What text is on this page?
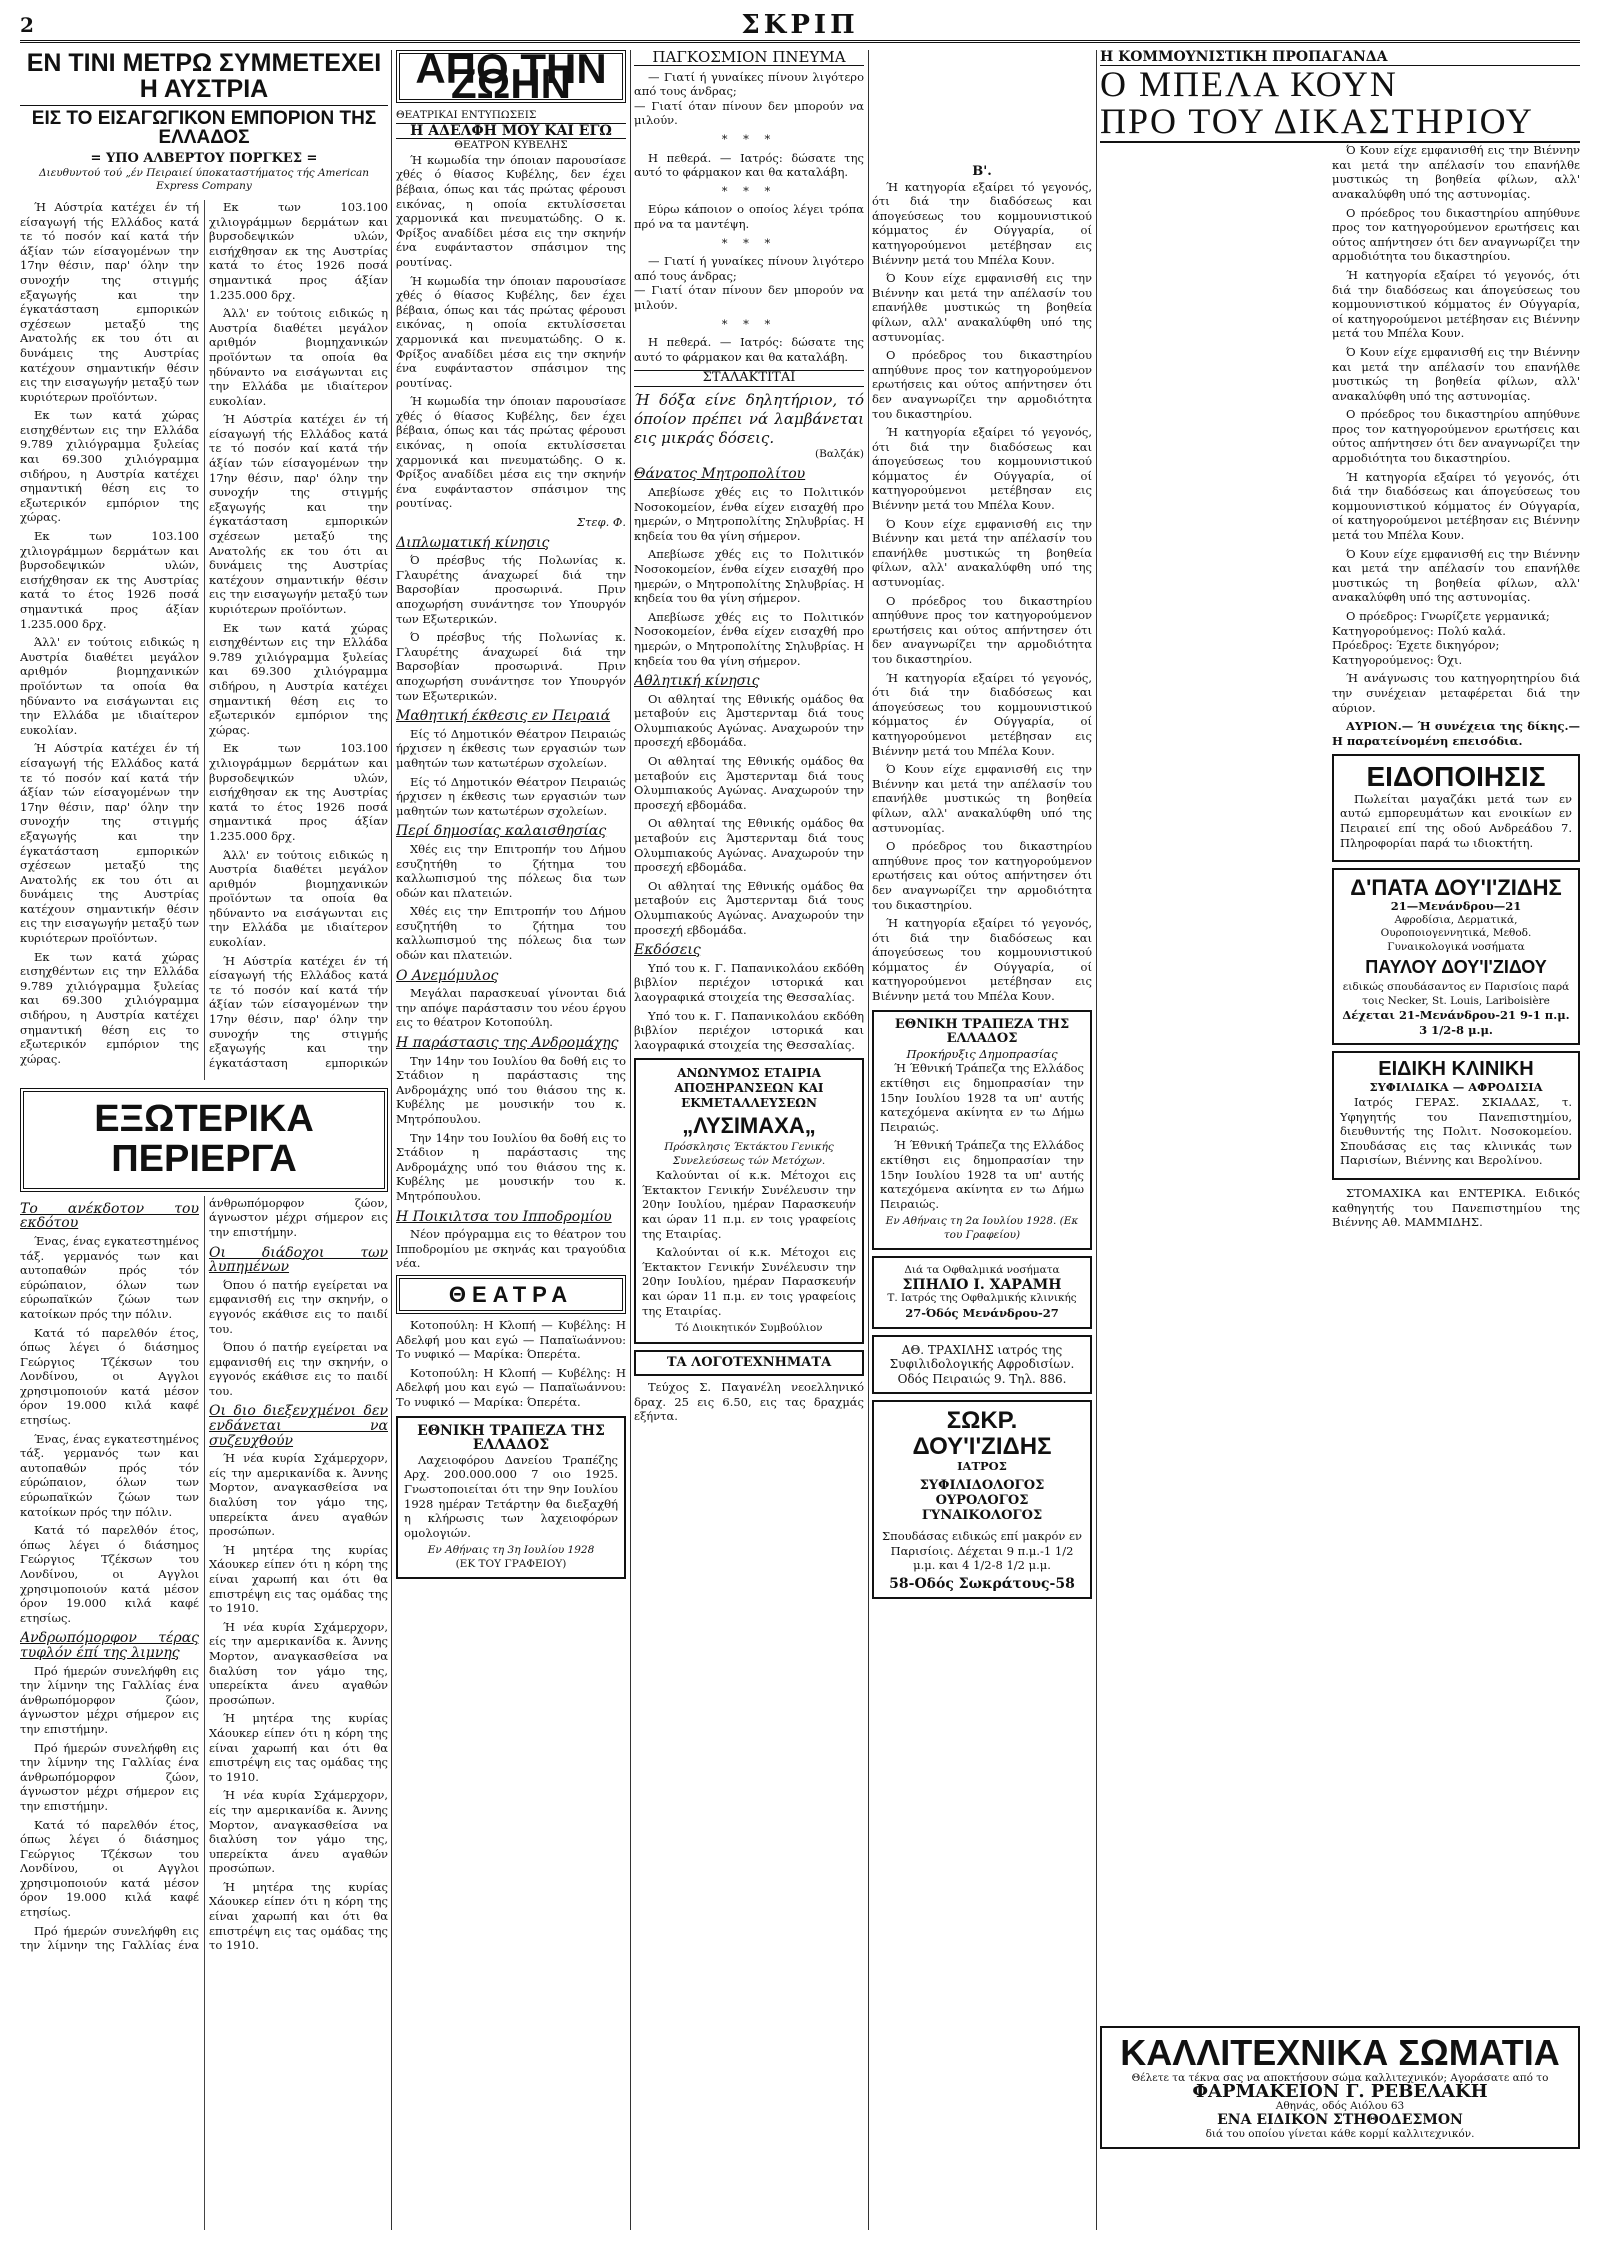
2	ΣΚΡΙΠ
ΕΝ ΤΙΝΙ ΜΕΤΡΩ ΣΥΜΜΕΤΕΧΕΙ Η ΑΥΣΤΡΙΑ
ΕΙΣ ΤΟ ΕΙΣΑΓΩΓΙΚΟΝ ΕΜΠΟΡΙΟΝ ΤΗΣ ΕΛΛΑΔΟΣ
= ΥΠΟ ΑΛΒΕΡΤΟΥ ΠΟΡΓΚΕΣ =
Διευθυντού τού „έν Πειραιεί ύποκαταστήματος τής American Express Company

Ή Αύστρία κατέχει έν τή είσαγωγή τής Ελλάδος κατά τε τό ποσόν καί κατά τήν άξίαν τών είσαγομένων την 17ην θέσιν, παρ' όλην την συνοχήν της στιγμής εξαγωγής και την έγκατάσταση εμπορικών σχέσεων μεταξύ της Ανατολής εκ του ότι αι δυνάμεις της Αυστρίας κατέχουν σημαντικήν θέσιν εις την εισαγωγήν μεταξύ των κυριότερων προϊόντων.

Εκ των κατά χώρας εισηχθέντων εις την Ελλάδα 9.789 χιλιόγραμμα ξυλείας και 69.300 χιλιόγραμμα σιδήρου, η Αυστρία κατέχει σημαντική θέση εις το εξωτερικόν εμπόριον της χώρας.

Εκ των 103.100 χιλιογράμμων δερμάτων και βυρσοδεψικών υλών, εισήχθησαν εκ της Αυστρίας κατά το έτος 1926 ποσά σημαντικά προς άξίαν 1.235.000 δρχ.

Άλλ' εν τούτοις ειδικώς η Αυστρία διαθέτει μεγάλον αριθμόν βιομηχανικών προϊόντων τα οποία θα ηδύναντο να εισάγωνται εις την Ελλάδα με ιδιαίτερον ευκολίαν.

Ή Αύστρία κατέχει έν τή είσαγωγή τής Ελλάδος κατά τε τό ποσόν καί κατά τήν άξίαν τών είσαγομένων την 17ην θέσιν, παρ' όλην την συνοχήν της στιγμής εξαγωγής και την έγκατάσταση εμπορικών σχέσεων μεταξύ της Ανατολής εκ του ότι αι δυνάμεις της Αυστρίας κατέχουν σημαντικήν θέσιν εις την εισαγωγήν μεταξύ των κυριότερων προϊόντων.

Εκ των κατά χώρας εισηχθέντων εις την Ελλάδα 9.789 χιλιόγραμμα ξυλείας και 69.300 χιλιόγραμμα σιδήρου, η Αυστρία κατέχει σημαντική θέση εις το εξωτερικόν εμπόριον της χώρας.

Εκ των 103.100 χιλιογράμμων δερμάτων και βυρσοδεψικών υλών, εισήχθησαν εκ της Αυστρίας κατά το έτος 1926 ποσά σημαντικά προς άξίαν 1.235.000 δρχ.

Άλλ' εν τούτοις ειδικώς η Αυστρία διαθέτει μεγάλον αριθμόν βιομηχανικών προϊόντων τα οποία θα ηδύναντο να εισάγωνται εις την Ελλάδα με ιδιαίτερον ευκολίαν.

Ή Αύστρία κατέχει έν τή είσαγωγή τής Ελλάδος κατά τε τό ποσόν καί κατά τήν άξίαν τών είσαγομένων την 17ην θέσιν, παρ' όλην την συνοχήν της στιγμής εξαγωγής και την έγκατάσταση εμπορικών σχέσεων μεταξύ της Ανατολής εκ του ότι αι δυνάμεις της Αυστρίας κατέχουν σημαντικήν θέσιν εις την εισαγωγήν μεταξύ των κυριότερων προϊόντων.

Εκ των κατά χώρας εισηχθέντων εις την Ελλάδα 9.789 χιλιόγραμμα ξυλείας και 69.300 χιλιόγραμμα σιδήρου, η Αυστρία κατέχει σημαντική θέση εις το εξωτερικόν εμπόριον της χώρας.

Εκ των 103.100 χιλιογράμμων δερμάτων και βυρσοδεψικών υλών, εισήχθησαν εκ της Αυστρίας κατά το έτος 1926 ποσά σημαντικά προς άξίαν 1.235.000 δρχ.

Άλλ' εν τούτοις ειδικώς η Αυστρία διαθέτει μεγάλον αριθμόν βιομηχανικών προϊόντων τα οποία θα ηδύναντο να εισάγωνται εις την Ελλάδα με ιδιαίτερον ευκολίαν.

Ή Αύστρία κατέχει έν τή είσαγωγή τής Ελλάδος κατά τε τό ποσόν καί κατά τήν άξίαν τών είσαγομένων την 17ην θέσιν, παρ' όλην την συνοχήν της στιγμής εξαγωγής και την έγκατάσταση εμπορικών

ΕΞΩΤΕΡΙΚΑ ΠΕΡΙΕΡΓΑ
Το ανέκδοτον του εκδότου

Ένας, ένας εγκατεστημένος τάξ. γερμανός των και αυτοπαθών πρός τόν εύρώπαιον, όλων των εύρωπαϊκών ζώων των κατοίκων πρός την πόλιν.

Κατά τό παρελθόν έτος, όπως λέγει ό διάσημος Γεώργιος Τζέκσων του Λονδίνου, οι Αγγλοι χρησιμοποιούν κατά μέσον όρον 19.000 κιλά καφέ ετησίως.

Ένας, ένας εγκατεστημένος τάξ. γερμανός των και αυτοπαθών πρός τόν εύρώπαιον, όλων των εύρωπαϊκών ζώων των κατοίκων πρός την πόλιν.

Κατά τό παρελθόν έτος, όπως λέγει ό διάσημος Γεώργιος Τζέκσων του Λονδίνου, οι Αγγλοι χρησιμοποιούν κατά μέσον όρον 19.000 κιλά καφέ ετησίως.

Ανδρωπόμορφον τέρας τυφλόν έπί της λιμνης

Πρό ήμερών συνελήφθη εις την λίμνην της Γαλλίας ένα άνθρωπόμορφον ζώον, άγνωστον μέχρι σήμερον εις την επιστήμην.

Πρό ήμερών συνελήφθη εις την λίμνην της Γαλλίας ένα άνθρωπόμορφον ζώον, άγνωστον μέχρι σήμερον εις την επιστήμην.

Κατά τό παρελθόν έτος, όπως λέγει ό διάσημος Γεώργιος Τζέκσων του Λονδίνου, οι Αγγλοι χρησιμοποιούν κατά μέσον όρον 19.000 κιλά καφέ ετησίως.

Πρό ήμερών συνελήφθη εις την λίμνην της Γαλλίας ένα άνθρωπόμορφον ζώον, άγνωστον μέχρι σήμερον εις την επιστήμην.

Οι διάδοχοι των λυπημένων

Όπου ό πατήρ εγείρεται να εμφανισθή εις την σκηνήν, ο εγγονός εκάθισε εις το παιδί του.

Όπου ό πατήρ εγείρεται να εμφανισθή εις την σκηνήν, ο εγγονός εκάθισε εις το παιδί του.

Οι διο διεξενχμένοι δεν ενδάνεται να συζευχθούν

Ή νέα κυρία Σχάμερχορν, είς την αμερικανίδα κ. Άννης Μορτον, αναγκασθείσα να διαλύση τον γάμο της, υπερείκτα άνευ αγαθών προσώπων.

Ή μητέρα της κυρίας Χάουκερ είπεν ότι η κόρη της είναι χαρωπή και ότι θα επιστρέψη εις τας ομάδας της το 1910.

Ή νέα κυρία Σχάμερχορν, είς την αμερικανίδα κ. Άννης Μορτον, αναγκασθείσα να διαλύση τον γάμο της, υπερείκτα άνευ αγαθών προσώπων.

Ή μητέρα της κυρίας Χάουκερ είπεν ότι η κόρη της είναι χαρωπή και ότι θα επιστρέψη εις τας ομάδας της το 1910.

Ή νέα κυρία Σχάμερχορν, είς την αμερικανίδα κ. Άννης Μορτον, αναγκασθείσα να διαλύση τον γάμο της, υπερείκτα άνευ αγαθών προσώπων.

Ή μητέρα της κυρίας Χάουκερ είπεν ότι η κόρη της είναι χαρωπή και ότι θα επιστρέψη εις τας ομάδας της το 1910.

ΑΠΟ ΤΗΝ ΖΩΗΝ
ΘΕΑΤΡΙΚΑΙ ΕΝΤΥΠΩΣΕΙΣ
Η ΑΔΕΛΦΗ ΜΟΥ ΚΑΙ ΕΓΩ
ΘΕΑΤΡΟΝ ΚΥΒΕΛΗΣ

Ή κωμωδία την όποιαν παρουσίασε χθές ό θίασος Κυβέλης, δεν έχει βέβαια, όπως και τάς πρώτας φέρουσι εικόνας, η οποία εκτυλίσσεται χαρμονικά και πνευματώδης. Ο κ. Φρίξος αναδίδει μέσα εις την σκηνήν ένα ευφάνταστον σπάσιμον της ρουτίνας.

Ή κωμωδία την όποιαν παρουσίασε χθές ό θίασος Κυβέλης, δεν έχει βέβαια, όπως και τάς πρώτας φέρουσι εικόνας, η οποία εκτυλίσσεται χαρμονικά και πνευματώδης. Ο κ. Φρίξος αναδίδει μέσα εις την σκηνήν ένα ευφάνταστον σπάσιμον της ρουτίνας.

Ή κωμωδία την όποιαν παρουσίασε χθές ό θίασος Κυβέλης, δεν έχει βέβαια, όπως και τάς πρώτας φέρουσι εικόνας, η οποία εκτυλίσσεται χαρμονικά και πνευματώδης. Ο κ. Φρίξος αναδίδει μέσα εις την σκηνήν ένα ευφάνταστον σπάσιμον της ρουτίνας.

Στεφ. Φ.
Διπλωματική κίνησις

Ό πρέσβυς τής Πολωνίας κ. Γλαυρέτης άναχωρεί διά την Βαρσοβίαν προσωρινά. Πριν αποχωρήση συνάντησε τον Υπουργόν των Εξωτερικών.

Ό πρέσβυς τής Πολωνίας κ. Γλαυρέτης άναχωρεί διά την Βαρσοβίαν προσωρινά. Πριν αποχωρήση συνάντησε τον Υπουργόν των Εξωτερικών.

Μαθητική έκθεσις εν Πειραιά

Είς τό Δημοτικόν Θέατρον Πειραιώς ήρχισεν η έκθεσις των εργασιών των μαθητών των κατωτέρων σχολείων.

Είς τό Δημοτικόν Θέατρον Πειραιώς ήρχισεν η έκθεσις των εργασιών των μαθητών των κατωτέρων σχολείων.

Περί δημοσίας καλαισθησίας

Χθές εις την Επιτροπήν του Δήμου εσυζητήθη το ζήτημα του καλλωπισμού της πόλεως δια των οδών και πλατειών.

Χθές εις την Επιτροπήν του Δήμου εσυζητήθη το ζήτημα του καλλωπισμού της πόλεως δια των οδών και πλατειών.

Ο Ανεμόμυλος

Μεγάλαι παρασκευαί γίνονται διά την απόψε παράστασιν του νέου έργου εις το θέατρον Κοτοπούλη.

Η παράστασις της Ανδρομάχης

Την 14ην του Ιουλίου θα δοθή εις το Στάδιον η παράστασις της Ανδρομάχης υπό του θιάσου της κ. Κυβέλης με μουσικήν του κ. Μητρόπουλου.

Την 14ην του Ιουλίου θα δοθή εις το Στάδιον η παράστασις της Ανδρομάχης υπό του θιάσου της κ. Κυβέλης με μουσικήν του κ. Μητρόπουλου.

Η Ποικιλτσα του Ιπποδρομίου

Νέον πρόγραμμα εις το θέατρον του Ιπποδρομίου με σκηνάς και τραγούδια νέα.

ΘΕΑΤΡΑ

Κοτοπούλη: Η Κλοπή — Κυβέλης: Η Αδελφή μου και εγώ — Παπαϊωάννου: Το νυφικό — Μαρίκα: Όπερέτα.

Κοτοπούλη: Η Κλοπή — Κυβέλης: Η Αδελφή μου και εγώ — Παπαϊωάννου: Το νυφικό — Μαρίκα: Όπερέτα.

ΕΘΝΙΚΗ ΤΡΑΠΕΖΑ ΤΗΣ ΕΛΛΑΔΟΣ

Λαχειοφόρου Δανείου Τραπέζης Αρχ. 200.000.000 7 οιο 1925. Γνωστοποιείται ότι την 9ην Ιουλίου 1928 ημέραν Τετάρτην θα διεξαχθή η κλήρωσις των λαχειοφόρων ομολογιών.

Εν Αθήναις τη 3η Ιουλίου 1928
(ΕΚ ΤΟΥ ΓΡΑΦΕΙΟΥ)
ΠΑΓΚΟΣΜΙΟΝ ΠΝΕΥΜΑ

— Γιατί ή γυναίκες πίνουν λιγότερο από τους άνδρας;
— Γιατί όταν πίνουν δεν μπορούν να μιλούν.

* * *

Η πεθερά. — Ιατρός: δώσατε της αυτό το φάρμακον και θα καταλάβη.

* * *

Εύρω κάποιον ο οποίος λέγει τρόπα πρό να τα μαντέψη.

* * *

— Γιατί ή γυναίκες πίνουν λιγότερο από τους άνδρας;
— Γιατί όταν πίνουν δεν μπορούν να μιλούν.

* * *

Η πεθερά. — Ιατρός: δώσατε της αυτό το φάρμακον και θα καταλάβη.

ΣΤΑΛΑΚΤΙΤΑΙ
Ή δόξα είνε δηλητήριον, τό όποίον πρέπει νά λαμβάνεται εις μικράς δόσεις.
(Βαλζάκ)
Θάνατος Μητροπολίτου

Απεβίωσε χθές εις το Πολιτικόν Νοσοκομείον, ένθα είχεν εισαχθή προ ημερών, ο Μητροπολίτης Σηλυβρίας. Η κηδεία του θα γίνη σήμερον.

Απεβίωσε χθές εις το Πολιτικόν Νοσοκομείον, ένθα είχεν εισαχθή προ ημερών, ο Μητροπολίτης Σηλυβρίας. Η κηδεία του θα γίνη σήμερον.

Απεβίωσε χθές εις το Πολιτικόν Νοσοκομείον, ένθα είχεν εισαχθή προ ημερών, ο Μητροπολίτης Σηλυβρίας. Η κηδεία του θα γίνη σήμερον.

Αθλητική κίνησις

Οι αθληταί της Εθνικής ομάδος θα μεταβούν εις Άμστερνταμ διά τους Ολυμπιακούς Αγώνας. Αναχωρούν την προσεχή εβδομάδα.

Οι αθληταί της Εθνικής ομάδος θα μεταβούν εις Άμστερνταμ διά τους Ολυμπιακούς Αγώνας. Αναχωρούν την προσεχή εβδομάδα.

Οι αθληταί της Εθνικής ομάδος θα μεταβούν εις Άμστερνταμ διά τους Ολυμπιακούς Αγώνας. Αναχωρούν την προσεχή εβδομάδα.

Οι αθληταί της Εθνικής ομάδος θα μεταβούν εις Άμστερνταμ διά τους Ολυμπιακούς Αγώνας. Αναχωρούν την προσεχή εβδομάδα.

Εκδόσεις

Υπό του κ. Γ. Παπανικολάου εκδόθη βιβλίον περιέχον ιστορικά και λαογραφικά στοιχεία της Θεσσαλίας.

Υπό του κ. Γ. Παπανικολάου εκδόθη βιβλίον περιέχον ιστορικά και λαογραφικά στοιχεία της Θεσσαλίας.

ΑΝΩΝΥΜΟΣ ΕΤΑΙΡΙΑ ΑΠΟΞΗΡΑΝΣΕΩΝ ΚΑΙ ΕΚΜΕΤΑΛΛΕΥΣΕΩΝ
„ΛΥΣΙΜΑΧΑ„
Πρόσκλησις Έκτάκτου Γενικής Συνελεύσεως τών Μετόχων.

Καλούνται οί κ.κ. Μέτοχοι εις Έκτακτον Γενικήν Συνέλευσιν την 20ην Ιουλίου, ημέραν Παρασκευήν και ώραν 11 π.μ. εν τοις γραφείοις της Εταιρίας.

Καλούνται οί κ.κ. Μέτοχοι εις Έκτακτον Γενικήν Συνέλευσιν την 20ην Ιουλίου, ημέραν Παρασκευήν και ώραν 11 π.μ. εν τοις γραφείοις της Εταιρίας.

Τό Διοικητικόν Συμβούλιον
ΤΑ ΛΟΓΟΤΕΧΝΗΜΑΤΑ

Τεύχος Σ. Παγανέλη νεοελληνικό δραχ. 25 εις 6.50, εις τας δραχμάς εξήντα.

Β'.

Ή κατηγορία εξαίρει τό γεγονός, ότι διά την διαδόσεως και άπογεύσεως του κομμουνιστικού κόμματος έν Ούγγαρία, οί κατηγορούμενοι μετέβησαν εις Βιέννην μετά του Μπέλα Κουν.

Ό Κουν είχε εμφανισθή εις την Βιέννην και μετά την απέλασίν του επανήλθε μυστικώς τη βοηθεία φίλων, αλλ' ανακαλύφθη υπό της αστυνομίας.

Ο πρόεδρος του δικαστηρίου απηύθυνε προς τον κατηγορούμενον ερωτήσεις και ούτος απήντησεν ότι δεν αναγνωρίζει την αρμοδιότητα του δικαστηρίου.

Ή κατηγορία εξαίρει τό γεγονός, ότι διά την διαδόσεως και άπογεύσεως του κομμουνιστικού κόμματος έν Ούγγαρία, οί κατηγορούμενοι μετέβησαν εις Βιέννην μετά του Μπέλα Κουν.

Ό Κουν είχε εμφανισθή εις την Βιέννην και μετά την απέλασίν του επανήλθε μυστικώς τη βοηθεία φίλων, αλλ' ανακαλύφθη υπό της αστυνομίας.

Ο πρόεδρος του δικαστηρίου απηύθυνε προς τον κατηγορούμενον ερωτήσεις και ούτος απήντησεν ότι δεν αναγνωρίζει την αρμοδιότητα του δικαστηρίου.

Ή κατηγορία εξαίρει τό γεγονός, ότι διά την διαδόσεως και άπογεύσεως του κομμουνιστικού κόμματος έν Ούγγαρία, οί κατηγορούμενοι μετέβησαν εις Βιέννην μετά του Μπέλα Κουν.

Ό Κουν είχε εμφανισθή εις την Βιέννην και μετά την απέλασίν του επανήλθε μυστικώς τη βοηθεία φίλων, αλλ' ανακαλύφθη υπό της αστυνομίας.

Ο πρόεδρος του δικαστηρίου απηύθυνε προς τον κατηγορούμενον ερωτήσεις και ούτος απήντησεν ότι δεν αναγνωρίζει την αρμοδιότητα του δικαστηρίου.

Ή κατηγορία εξαίρει τό γεγονός, ότι διά την διαδόσεως και άπογεύσεως του κομμουνιστικού κόμματος έν Ούγγαρία, οί κατηγορούμενοι μετέβησαν εις Βιέννην μετά του Μπέλα Κουν.

ΕΘΝΙΚΗ ΤΡΑΠΕΖΑ ΤΗΣ ΕΛΛΑΔΟΣ
Προκήρυξις Δημοπρασίας

Ή Έθνική Τράπεζα της Ελλάδος εκτίθησι εις δημοπρασίαν την 15ην Ιουλίου 1928 τα υπ' αυτής κατεχόμενα ακίνητα εν τω Δήμω Πειραιώς.

Ή Έθνική Τράπεζα της Ελλάδος εκτίθησι εις δημοπρασίαν την 15ην Ιουλίου 1928 τα υπ' αυτής κατεχόμενα ακίνητα εν τω Δήμω Πειραιώς.

Εν Αθήναις τη 2α Ιουλίου 1928. (Εκ του Γραφείου)
Διά τα Οφθαλμικά νοσήματα
ΣΠΗΛΙΟ Ι. ΧΑΡΑΜΗ
Τ. Ιατρός της Οφθαλμικής κλινικής
27-Όδός Μενάνδρου-27
ΑΘ. ΤΡΑΧΙΛΗΣ ιατρός της Συφιλιδολογικής Αφροδισίων. Οδός Πειραιώς 9. Τηλ. 886.
ΣΩΚΡ. ΔΟΥ'Ι'ΖΙΔΗΣ
ΙΑΤΡΟΣ
ΣΥΦΙΛΙΔΟΛΟΓΟΣ ΟΥΡΟΛΟΓΟΣ ΓΥΝΑΙΚΟΛΟΓΟΣ

Σπουδάσας ειδικώς επί μακρόν εν Παρισίοις. Δέχεται 9 π.μ.-1 1/2 μ.μ. και 4 1/2-8 1/2 μ.μ.

58-Οδός Σωκράτους-58
Η ΚΟΜΜΟΥΝΙΣΤΙΚΗ ΠΡΟΠΑΓΑΝΔΑ
Ο ΜΠΕΛΑ ΚΟΥΝ
ΠΡΟ ΤΟΥ ΔΙΚΑΣΤΗΡΙΟΥ

Ό Κουν είχε εμφανισθή εις την Βιέννην και μετά την απέλασίν του επανήλθε μυστικώς τη βοηθεία φίλων, αλλ' ανακαλύφθη υπό της αστυνομίας.

Ο πρόεδρος του δικαστηρίου απηύθυνε προς τον κατηγορούμενον ερωτήσεις και ούτος απήντησεν ότι δεν αναγνωρίζει την αρμοδιότητα του δικαστηρίου.

Ή κατηγορία εξαίρει τό γεγονός, ότι διά την διαδόσεως και άπογεύσεως του κομμουνιστικού κόμματος έν Ούγγαρία, οί κατηγορούμενοι μετέβησαν εις Βιέννην μετά του Μπέλα Κουν.

Ό Κουν είχε εμφανισθή εις την Βιέννην και μετά την απέλασίν του επανήλθε μυστικώς τη βοηθεία φίλων, αλλ' ανακαλύφθη υπό της αστυνομίας.

Ο πρόεδρος του δικαστηρίου απηύθυνε προς τον κατηγορούμενον ερωτήσεις και ούτος απήντησεν ότι δεν αναγνωρίζει την αρμοδιότητα του δικαστηρίου.

Ή κατηγορία εξαίρει τό γεγονός, ότι διά την διαδόσεως και άπογεύσεως του κομμουνιστικού κόμματος έν Ούγγαρία, οί κατηγορούμενοι μετέβησαν εις Βιέννην μετά του Μπέλα Κουν.

Ό Κουν είχε εμφανισθή εις την Βιέννην και μετά την απέλασίν του επανήλθε μυστικώς τη βοηθεία φίλων, αλλ' ανακαλύφθη υπό της αστυνομίας.

Ο πρόεδρος: Γνωρίζετε γερμανικά;
Κατηγορούμενος: Πολύ καλά.
Πρόεδρος: Έχετε δικηγόρον;
Κατηγορούμενος: Όχι.

Ή ανάγνωσις του κατηγορητηρίου διά την συνέχειαν μεταφέρεται διά την αύριον.

ΑΥΡΙΟΝ.— Ή συνέχεια της δίκης.— Η παρατείνομένη επεισόδια.

ΕΙΔΟΠΟΙΗΣΙΣ

Πωλείται μαγαζάκι μετά των εν αυτώ εμπορευμάτων και ενοικίων εν Πειραιεί επί της οδού Ανδρεάδου 7. Πληροφορίαι παρά τω ιδιοκτήτη.

Δ'ΠΑΤΑ ΔΟΥ'Ι'ΖΙΔΗΣ
21—Μενάνδρου—21
Αφροδίσια, Δερματικά, Ουροποιογεννητικά, Μεθοδ. Γυναικολογικά νοσήματα
ΠΑΥΛΟΥ ΔΟΥ'Ι'ΖΙΔΟΥ
ειδικώς σπουδάσαντος εν Παρισίοις παρά τοις Necker, St. Louis, Lariboisière
Δέχεται 21-Μενάνδρου-21 9-1 π.μ. 3 1/2-8 μ.μ.
ΕΙΔΙΚΗ ΚΛΙΝΙΚΗ
ΣΥΦΙΛΙΔΙΚΑ — ΑΦΡΟΔΙΣΙΑ

Ιατρός ΓΕΡΑΣ. ΣΚΙΑΔΑΣ, τ. Υφηγητής του Πανεπιστημίου, διευθυντής της Πολιτ. Νοσοκομείου. Σπουδάσας εις τας κλινικάς των Παρισίων, Βιέννης και Βερολίνου.

ΣΤΟΜΑΧΙΚΑ και ΕΝΤΕΡΙΚΑ. Ειδικός καθηγητής του Πανεπιστημίου της Βιέννης Αθ. ΜΑΜΜΙΔΗΣ.

ΚΑΛΛΙΤΕΧΝΙΚΑ ΣΩΜΑΤΙΑ
Θέλετε τα τέκνα σας να αποκτήσουν σώμα καλλιτεχνικόν; Αγοράσατε από το
ΦΑΡΜΑΚΕΙΟΝ Γ. ΡΕΒΕΛΑΚΗ
Αθηνάς, οδός Αιόλου 63
ΕΝΑ ΕΙΔΙΚΟΝ ΣΤΗΘΟΔΕΣΜΟΝ
διά του οποίου γίνεται κάθε κορμί καλλιτεχνικόν.
